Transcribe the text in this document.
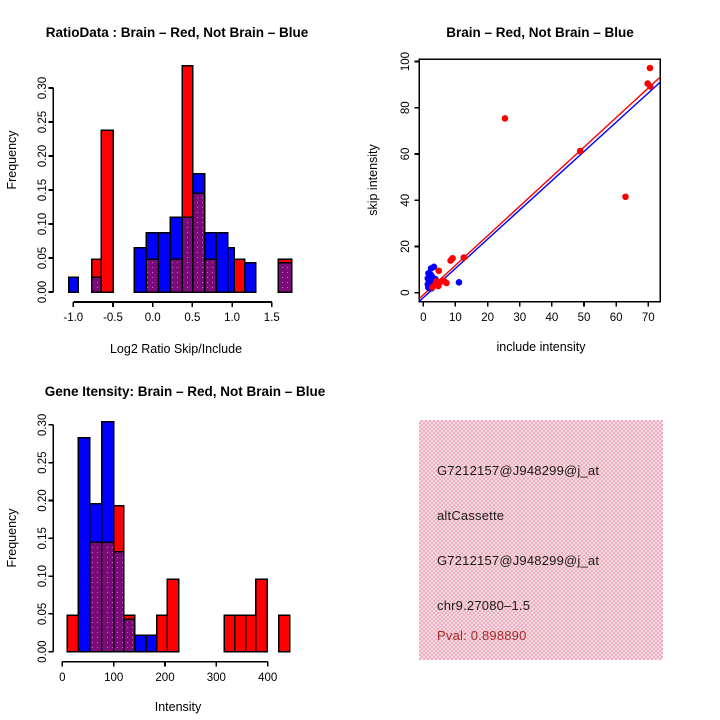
RatioData : Brain – Red, Not Brain – Blue
Log2 Ratio Skip/Include
Frequency
-1.0 -0.5 0.0 0.5 1.0 1.5
0.00
0.05
0.10
0.15
0.20
0.25
0.30
Brain – Red, Not Brain – Blue
include intensity
skip intensity
0 10 20 30 40 50 60 70
0
20
40
60
80
100
Gene Itensity: Brain – Red, Not Brain – Blue
Intensity
Frequency
0	100	200	300	400
0.00
0.05
0.10
0.15
0.20
0.25
0.30
G7212157@J948299@j_at
altCassette
G7212157@J948299@j_at
chr9.27080–1.5
Pval: 0.898890
